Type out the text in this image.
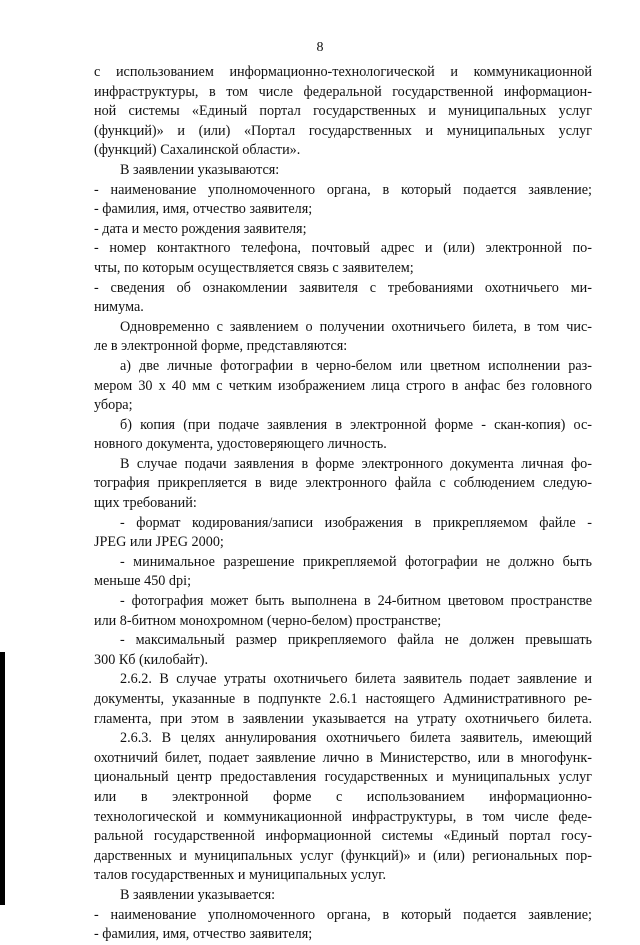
8
с использованием информационно-технологической и коммуникационной
инфраструктуры, в том числе федеральной государственной информацион-
ной системы «Единый портал государственных и муниципальных услуг
(функций)» и (или) «Портал государственных и муниципальных услуг
(функций) Сахалинской области».
В заявлении указываются:
- наименование уполномоченного органа, в который подается заявление;
- фамилия, имя, отчество заявителя;
- дата и место рождения заявителя;
- номер контактного телефона, почтовый адрес и (или) электронной по-
чты, по которым осуществляется связь с заявителем;
- сведения об ознакомлении заявителя с требованиями охотничьего ми-
нимума.
Одновременно с заявлением о получении охотничьего билета, в том чис-
ле в электронной форме, представляются:
а) две личные фотографии в черно-белом или цветном исполнении раз-
мером 30 х 40 мм с четким изображением лица строго в анфас без головного
убора;
б) копия (при подаче заявления в электронной форме - скан-копия) ос-
новного документа, удостоверяющего личность.
В случае подачи заявления в форме электронного документа личная фо-
тография прикрепляется в виде электронного файла с соблюдением следую-
щих требований:
- формат кодирования/записи изображения в прикрепляемом файле -
JPEG или JPEG 2000;
- минимальное разрешение прикрепляемой фотографии не должно быть
меньше 450 dpi;
- фотография может быть выполнена в 24-битном цветовом пространстве
или 8-битном монохромном (черно-белом) пространстве;
- максимальный размер прикрепляемого файла не должен превышать
300 Кб (килобайт).
2.6.2. В случае утраты охотничьего билета заявитель подает заявление и
документы, указанные в подпункте 2.6.1 настоящего Административного ре-
гламента, при этом в заявлении указывается на утрату охотничьего билета.
2.6.3. В целях аннулирования охотничьего билета заявитель, имеющий
охотничий билет, подает заявление лично в Министерство, или в многофунк-
циональный центр предоставления государственных и муниципальных услуг
или в электронной форме с использованием информационно-
технологической и коммуникационной инфраструктуры, в том числе феде-
ральной государственной информационной системы «Единый портал госу-
дарственных и муниципальных услуг (функций)» и (или) региональных пор-
талов государственных и муниципальных услуг.
В заявлении указывается:
- наименование уполномоченного органа, в который подается заявление;
- фамилия, имя, отчество заявителя;
